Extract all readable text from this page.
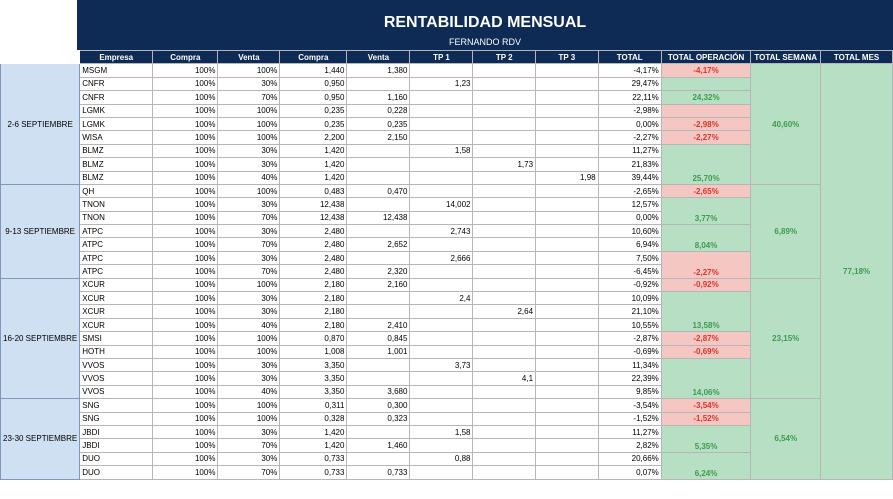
RENTABILIDAD MENSUAL
FERNANDO RDV
	Empresa	Compra	Venta	Compra	Venta	TP 1	TP 2	TP 3	TOTAL	TOTAL OPERACIÓN	TOTAL SEMANA	TOTAL MES
2-6 SEPTIEMBRE	MSGM	100%	100%	1,440	1,380				-4,17%	-4,17%	40,60%	77,18%
	CNFR	100%	30%	0,950		1,23			29,47%			
	CNFR	100%	70%	0,950	1,160				22,11%	24,32%		
	LGMK	100%	100%	0,235	0,228				-2,98%			
	LGMK	100%	100%	0,235	0,235				0,00%	-2,98%		
	WISA	100%	100%	2,200	2,150				-2,27%	-2,27%		
	BLMZ	100%	30%	1,420		1,58			11,27%	25,70%		
	BLMZ	100%	30%	1,420			1,73		21,83%			
	BLMZ	100%	40%	1,420				1,98	39,44%			
9-13 SEPTIEMBRE	QH	100%	100%	0,483	0,470				-2,65%	-2,65%	6,89%	
	TNON	100%	30%	12,438		14,002			12,57%	3,77%		
	TNON	100%	70%	12,438	12,438				0,00%			
	ATPC	100%	30%	2,480		2,743			10,60%	8,04%		
	ATPC	100%	70%	2,480	2,652				6,94%			
	ATPC	100%	30%	2,480		2,666			7,50%	-2,27%		
	ATPC	100%	70%	2,480	2,320				-6,45%			
16-20 SEPTIEMBRE	XCUR	100%	100%	2,180	2,160				-0,92%	-0,92%	23,15%	
	XCUR	100%	30%	2,180		2,4			10,09%	13,58%		
	XCUR	100%	30%	2,180			2,64		21,10%			
	XCUR	100%	40%	2,180	2,410				10,55%			
	SMSI	100%	100%	0,870	0,845				-2,87%	-2,87%		
	HOTH	100%	100%	1,008	1,001				-0,69%	-0,69%		
	VVOS	100%	30%	3,350		3,73			11,34%	14,06%		
	VVOS	100%	30%	3,350			4,1		22,39%			
	VVOS	100%	40%	3,350	3,680				9,85%			
23-30 SEPTIEMBRE	SNG	100%	100%	0,311	0,300				-3,54%	-3,54%	6,54%	
	SNG	100%	100%	0,328	0,323				-1,52%	-1,52%		
	JBDI	100%	30%	1,420		1,58			11,27%	5,35%		
	JBDI	100%	70%	1,420	1,460				2,82%			
	DUO	100%	30%	0,733		0,88			20,66%	6,24%		
	DUO	100%	70%	0,733	0,733				0,07%			
